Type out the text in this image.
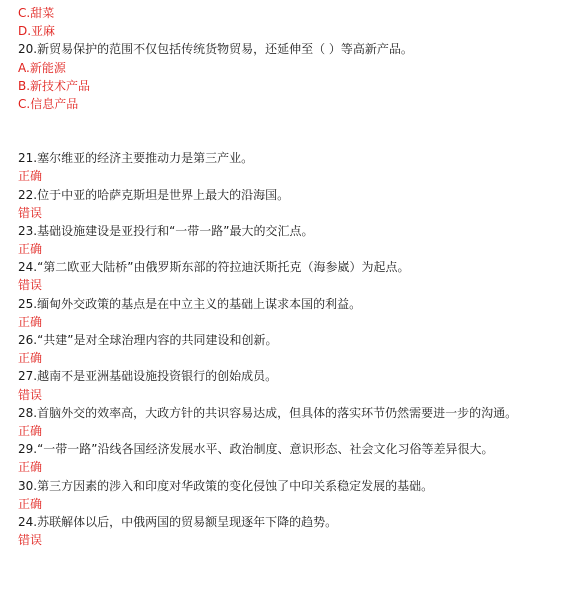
C.甜菜
D.亚麻
20.新贸易保护的范围不仅包括传统货物贸易，还延伸至（ ）等高新产品。
A.新能源
B.新技术产品
C.信息产品
21.塞尔维亚的经济主要推动力是第三产业。
正确
22.位于中亚的哈萨克斯坦是世界上最大的沿海国。
错误
23.基础设施建设是亚投行和“一带一路”最大的交汇点。
正确
24.“第二欧亚大陆桥”由俄罗斯东部的符拉迪沃斯托克（海参崴）为起点。
错误
25.缅甸外交政策的基点是在中立主义的基础上谋求本国的利益。
正确
26.“共建”是对全球治理内容的共同建设和创新。
正确
27.越南不是亚洲基础设施投资银行的创始成员。
错误
28.首脑外交的效率高，大政方针的共识容易达成，但具体的落实环节仍然需要进一步的沟通。
正确
29.“一带一路”沿线各国经济发展水平、政治制度、意识形态、社会文化习俗等差异很大。
正确
30.第三方因素的涉入和印度对华政策的变化侵蚀了中印关系稳定发展的基础。
正确
24.苏联解体以后，中俄两国的贸易额呈现逐年下降的趋势。
错误
